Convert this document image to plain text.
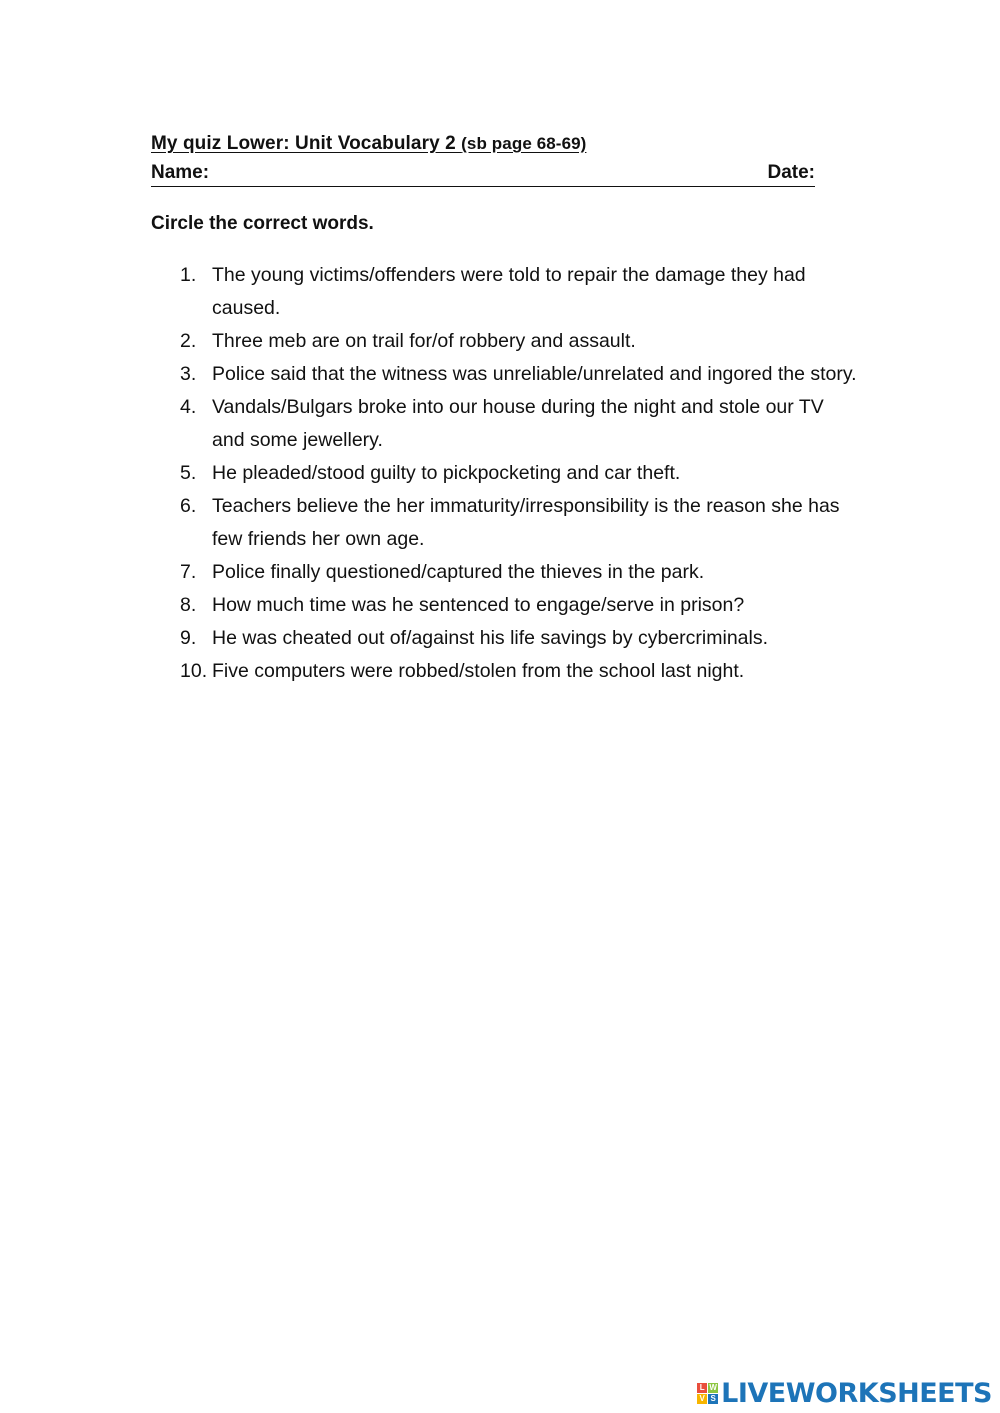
My quiz Lower: Unit Vocabulary 2 (sb page 68-69)
Name:	Date:
Circle the correct words.
1. The young victims/offenders were told to repair the damage they had caused.
2. Three meb are on trail for/of robbery and assault.
3. Police said that the witness was unreliable/unrelated and ingored the story.
4. Vandals/Bulgars broke into our house during the night and stole our TV and some jewellery.
5. He pleaded/stood guilty to pickpocketing and car theft.
6. Teachers believe the her immaturity/irresponsibility is the reason she has few friends her own age.
7. Police finally questioned/captured the thieves in the park.
8. How much time was he sentenced to engage/serve in prison?
9. He was cheated out of/against his life savings by cybercriminals.
10. Five computers were robbed/stolen from the school last night.
L W
V S LIVEWORKSHEETS
